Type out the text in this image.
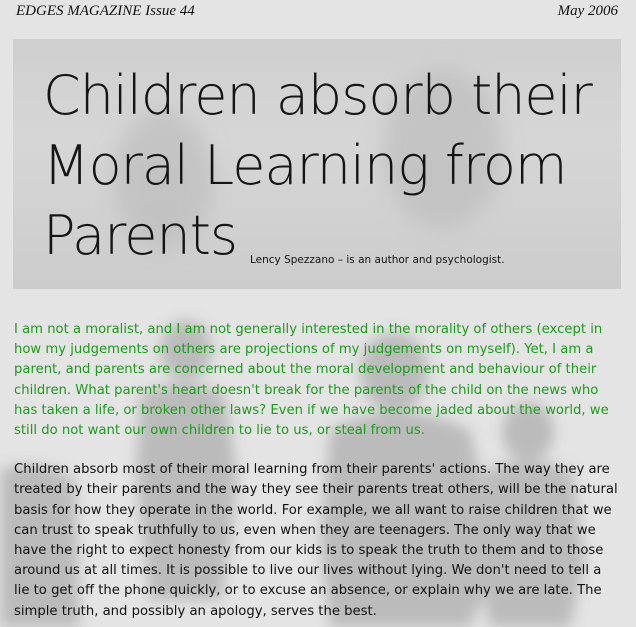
EDGES MAGAZINE Issue 44	May 2006
Children absorb their
Moral Learning from
Parents	Lency Spezzano – is an author and psychologist.

I am not a moralist, and I am not generally interested in the morality of others (except in how my judgements on others are projections of my judgements on myself). Yet, I am a parent, and parents are concerned about the moral development and behaviour of their children. What parent's heart doesn't break for the parents of the child on the news who has taken a life, or broken other laws? Even if we have become jaded about the world, we still do not want our own children to lie to us, or steal from us.

Children absorb most of their moral learning from their parents' actions. The way they are treated by their parents and the way they see their parents treat others, will be the natural basis for how they operate in the world. For example, we all want to raise children that we can trust to speak truthfully to us, even when they are teenagers. The only way that we have the right to expect honesty from our kids is to speak the truth to them and to those around us at all times. It is possible to live our lives without lying. We don't need to tell a lie to get off the phone quickly, or to excuse an absence, or explain why we are late. The simple truth, and possibly an apology, serves the best.
